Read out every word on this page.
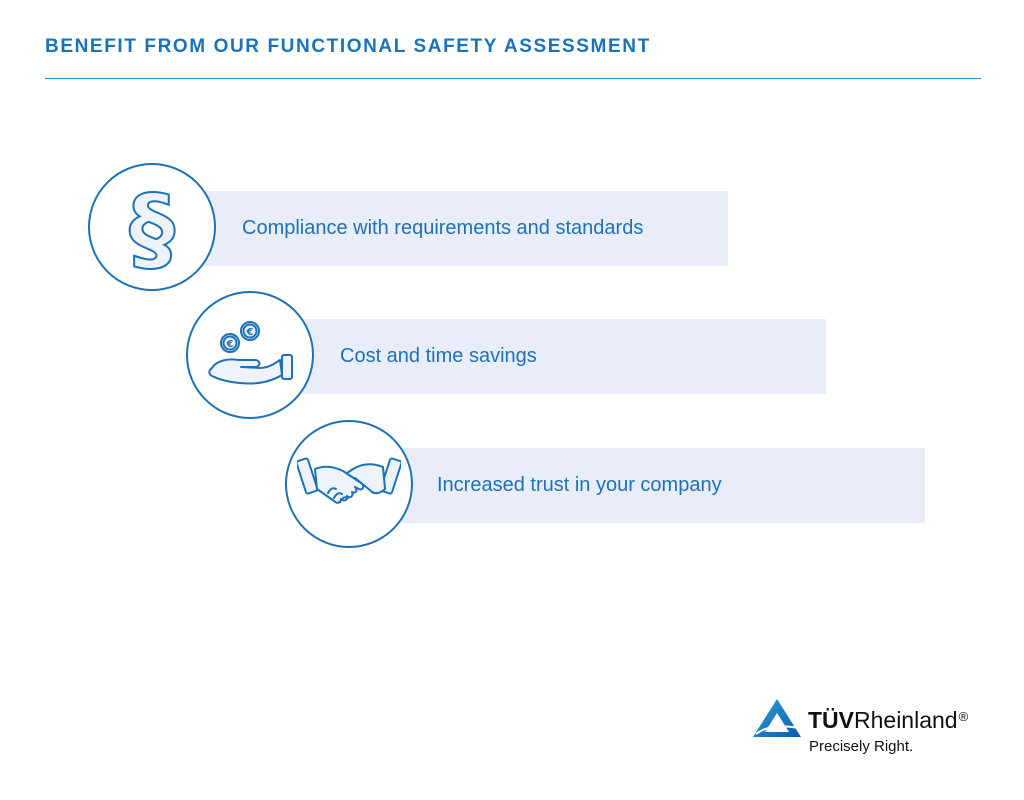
BENEFIT FROM OUR FUNCTIONAL SAFETY ASSESSMENT
Compliance with requirements and standards
§
Cost and time savings
€
€
Increased trust in your company
TÜVRheinland®
Precisely Right.
